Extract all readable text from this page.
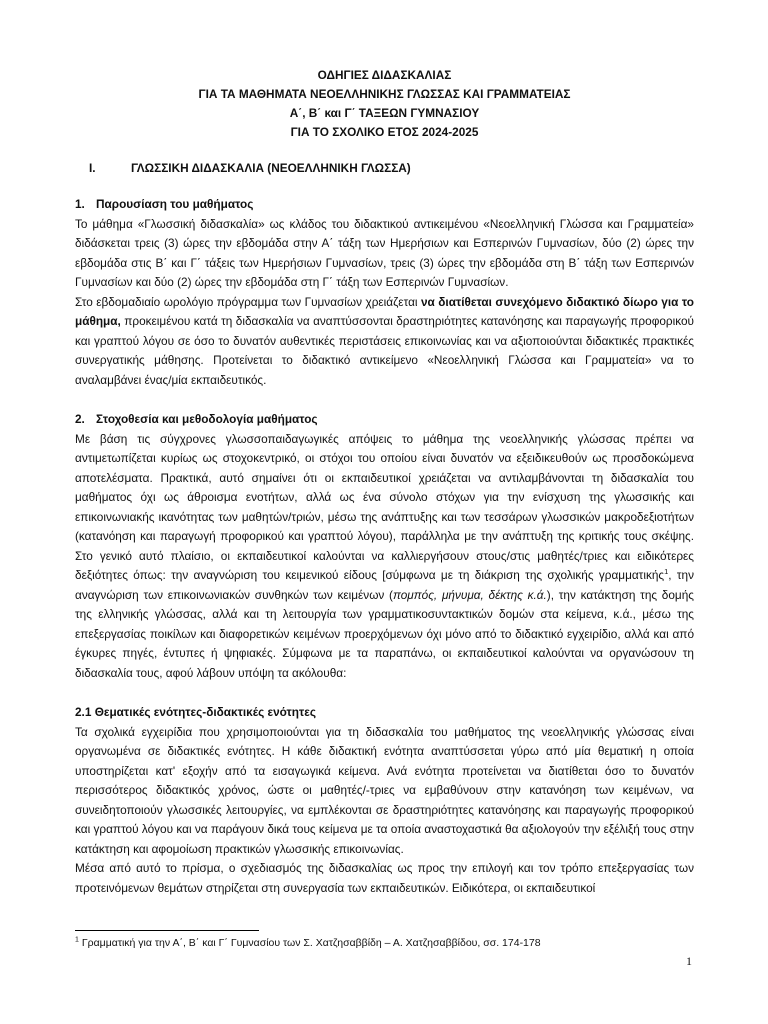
ΟΔΗΓΙΕΣ ΔΙΔΑΣΚΑΛΙΑΣ
ΓΙΑ ΤΑ ΜΑΘΗΜΑΤΑ ΝΕΟΕΛΛΗΝΙΚΗΣ ΓΛΩΣΣΑΣ ΚΑΙ ΓΡΑΜΜΑΤΕΙΑΣ
Α΄, Β΄ και Γ΄ ΤΑΞΕΩΝ ΓΥΜΝΑΣΙΟΥ
ΓΙΑ ΤΟ ΣΧΟΛΙΚΟ ΕΤΟΣ 2024-2025
I.	ΓΛΩΣΣΙΚΗ ΔΙΔΑΣΚΑΛΙΑ (ΝΕΟΕΛΛΗΝΙΚΗ ΓΛΩΣΣΑ)
1. Παρουσίαση του μαθήματος

Το μάθημα «Γλωσσική διδασκαλία» ως κλάδος του διδακτικού αντικειμένου «Νεοελληνική Γλώσσα και Γραμματεία» διδάσκεται τρεις (3) ώρες την εβδομάδα στην Α΄ τάξη των Ημερήσιων και Εσπερινών Γυμνασίων, δύο (2) ώρες την εβδομάδα στις Β΄ και Γ΄ τάξεις των Ημερήσιων Γυμνασίων, τρεις (3) ώρες την εβδομάδα στη Β΄ τάξη των Εσπερινών Γυμνασίων και δύο (2) ώρες την εβδομάδα στη Γ΄ τάξη των Εσπερινών Γυμνασίων.

Στο εβδομαδιαίο ωρολόγιο πρόγραμμα των Γυμνασίων χρειάζεται να διατίθεται συνεχόμενο διδακτικό δίωρο για το μάθημα, προκειμένου κατά τη διδασκαλία να αναπτύσσονται δραστηριότητες κατανόησης και παραγωγής προφορικού και γραπτού λόγου σε όσο το δυνατόν αυθεντικές περιστάσεις επικοινωνίας και να αξιοποιούνται διδακτικές πρακτικές συνεργατικής μάθησης. Προτείνεται το διδακτικό αντικείμενο «Νεοελληνική Γλώσσα και Γραμματεία» να το αναλαμβάνει ένας/μία εκπαιδευτικός.

2. Στοχοθεσία και μεθοδολογία μαθήματος

Με βάση τις σύγχρονες γλωσσοπαιδαγωγικές απόψεις το μάθημα της νεοελληνικής γλώσσας πρέπει να αντιμετωπίζεται κυρίως ως στοχοκεντρικό, οι στόχοι του οποίου είναι δυνατόν να εξειδικευθούν ως προσδοκώμενα αποτελέσματα. Πρακτικά, αυτό σημαίνει ότι οι εκπαιδευτικοί χρειάζεται να αντιλαμβάνονται τη διδασκαλία του μαθήματος όχι ως άθροισμα ενοτήτων, αλλά ως ένα σύνολο στόχων για την ενίσχυση της γλωσσικής και επικοινωνιακής ικανότητας των μαθητών/τριών, μέσω της ανάπτυξης και των τεσσάρων γλωσσικών μακροδεξιοτήτων (κατανόηση και παραγωγή προφορικού και γραπτού λόγου), παράλληλα με την ανάπτυξη της κριτικής τους σκέψης. Στο γενικό αυτό πλαίσιο, οι εκπαιδευτικοί καλούνται να καλλιεργήσουν στους/στις μαθητές/τριες και ειδικότερες δεξιότητες όπως: την αναγνώριση του κειμενικού είδους [σύμφωνα με τη διάκριση της σχολικής γραμματικής$^1$, την αναγνώριση των επικοινωνιακών συνθηκών των κειμένων (πομπός, μήνυμα, δέκτης κ.ά.), την κατάκτηση της δομής της ελληνικής γλώσσας, αλλά και τη λειτουργία των γραμματικοσυντακτικών δομών στα κείμενα, κ.ά., μέσω της επεξεργασίας ποικίλων και διαφορετικών κειμένων προερχόμενων όχι μόνο από το διδακτικό εγχειρίδιο, αλλά και από έγκυρες πηγές, έντυπες ή ψηφιακές. Σύμφωνα με τα παραπάνω, οι εκπαιδευτικοί καλούνται να οργανώσουν τη διδασκαλία τους, αφού λάβουν υπόψη τα ακόλουθα:

2.1 Θεματικές ενότητες-διδακτικές ενότητες

Τα σχολικά εγχειρίδια που χρησιμοποιούνται για τη διδασκαλία του μαθήματος της νεοελληνικής γλώσσας είναι οργανωμένα σε διδακτικές ενότητες. Η κάθε διδακτική ενότητα αναπτύσσεται γύρω από μία θεματική η οποία υποστηρίζεται κατ' εξοχήν από τα εισαγωγικά κείμενα. Ανά ενότητα προτείνεται να διατίθεται όσο το δυνατόν περισσότερος διδακτικός χρόνος, ώστε οι μαθητές/-τριες να εμβαθύνουν στην κατανόηση των κειμένων, να συνειδητοποιούν γλωσσικές λειτουργίες, να εμπλέκονται σε δραστηριότητες κατανόησης και παραγωγής προφορικού και γραπτού λόγου και να παράγουν δικά τους κείμενα με τα οποία αναστοχαστικά θα αξιολογούν την εξέλιξή τους στην κατάκτηση και αφομοίωση πρακτικών γλωσσικής επικοινωνίας.

Μέσα από αυτό το πρίσμα, ο σχεδιασμός της διδασκαλίας ως προς την επιλογή και τον τρόπο επεξεργασίας των προτεινόμενων θεμάτων στηρίζεται στη συνεργασία των εκπαιδευτικών. Ειδικότερα, οι εκπαιδευτικοί

$^1$ Γραμματική για την Α΄, Β΄ και Γ΄ Γυμνασίου των Σ. Χατζησαββίδη – Α. Χατζησαββίδου, σσ. 174-178
1
